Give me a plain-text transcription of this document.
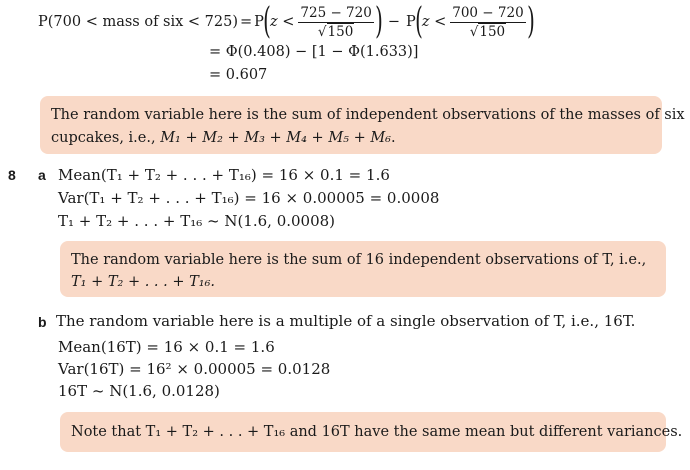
P(700 < mass of six < 725) = P ( $z < \frac{725 - 720}{√150}$ ) − P ( $z < \frac{700 - 720}{√150}$ )
= Φ(0.408) − [1 − Φ(1.633)]
= 0.607
The random variable here is the sum of independent observations of the masses of six
cupcakes, i.e., M₁ + M₂ + M₃ + M₄ + M₅ + M₆.
8 a Mean(T₁ + T₂ + . . . + T₁₆) = 16 × 0.1 = 1.6
Var(T₁ + T₂ + . . . + T₁₆) = 16 × 0.00005 = 0.0008
T₁ + T₂ + . . . + T₁₆ ~ N(1.6, 0.0008)
The random variable here is the sum of 16 independent observations of T, i.e.,
T₁ + T₂ + . . . + T₁₆.
b The random variable here is a multiple of a single observation of T, i.e., 16T.
Mean(16T) = 16 × 0.1 = 1.6
Var(16T) = 16² × 0.00005 = 0.0128
16T ~ N(1.6, 0.0128)
Note that T₁ + T₂ + . . . + T₁₆ and 16T have the same mean but different variances.
